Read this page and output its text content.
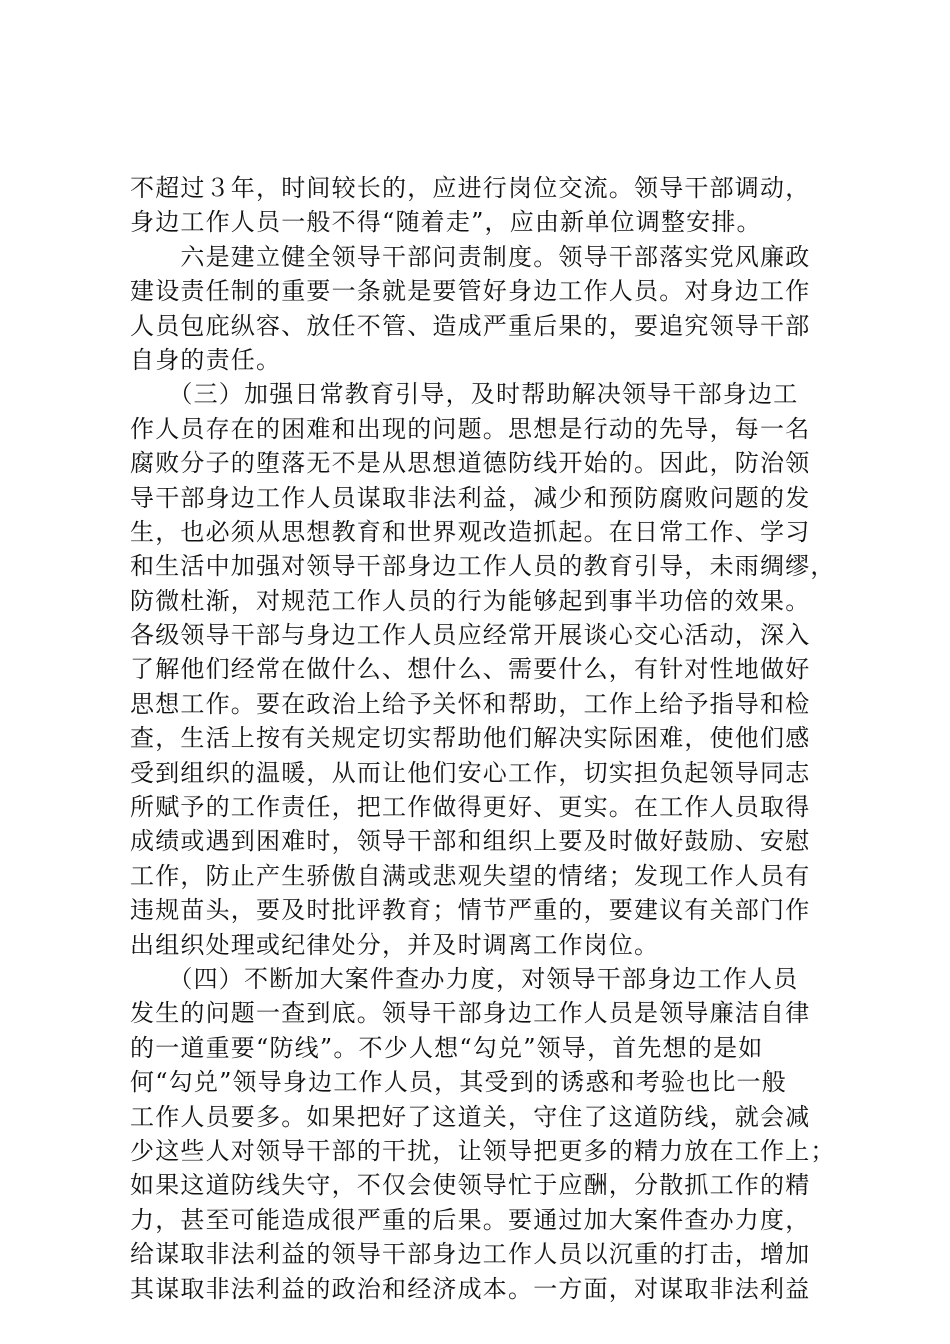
不超过３年，时间较长的，应进行岗位交流。领导干部调动，
身边工作人员一般不得“随着走”，应由新单位调整安排。
　　六是建立健全领导干部问责制度。领导干部落实党风廉政
建设责任制的重要一条就是要管好身边工作人员。对身边工作
人员包庇纵容、放任不管、造成严重后果的，要追究领导干部
自身的责任。
　　（三）加强日常教育引导，及时帮助解决领导干部身边工
作人员存在的困难和出现的问题。思想是行动的先导，每一名
腐败分子的堕落无不是从思想道德防线开始的。因此，防治领
导干部身边工作人员谋取非法利益，减少和预防腐败问题的发
生，也必须从思想教育和世界观改造抓起。在日常工作、学习
和生活中加强对领导干部身边工作人员的教育引导，未雨绸缪，
防微杜渐，对规范工作人员的行为能够起到事半功倍的效果。
各级领导干部与身边工作人员应经常开展谈心交心活动，深入
了解他们经常在做什么、想什么、需要什么，有针对性地做好
思想工作。要在政治上给予关怀和帮助，工作上给予指导和检
查，生活上按有关规定切实帮助他们解决实际困难，使他们感
受到组织的温暖，从而让他们安心工作，切实担负起领导同志
所赋予的工作责任，把工作做得更好、更实。在工作人员取得
成绩或遇到困难时，领导干部和组织上要及时做好鼓励、安慰
工作，防止产生骄傲自满或悲观失望的情绪；发现工作人员有
违规苗头，要及时批评教育；情节严重的，要建议有关部门作
出组织处理或纪律处分，并及时调离工作岗位。
　　（四）不断加大案件查办力度，对领导干部身边工作人员
发生的问题一查到底。领导干部身边工作人员是领导廉洁自律
的一道重要“防线”。不少人想“勾兑”领导，首先想的是如
何“勾兑”领导身边工作人员，其受到的诱惑和考验也比一般
工作人员要多。如果把好了这道关，守住了这道防线，就会减
少这些人对领导干部的干扰，让领导把更多的精力放在工作上；
如果这道防线失守，不仅会使领导忙于应酬，分散抓工作的精
力，甚至可能造成很严重的后果。要通过加大案件查办力度，
给谋取非法利益的领导干部身边工作人员以沉重的打击，增加
其谋取非法利益的政治和经济成本。一方面，对谋取非法利益
